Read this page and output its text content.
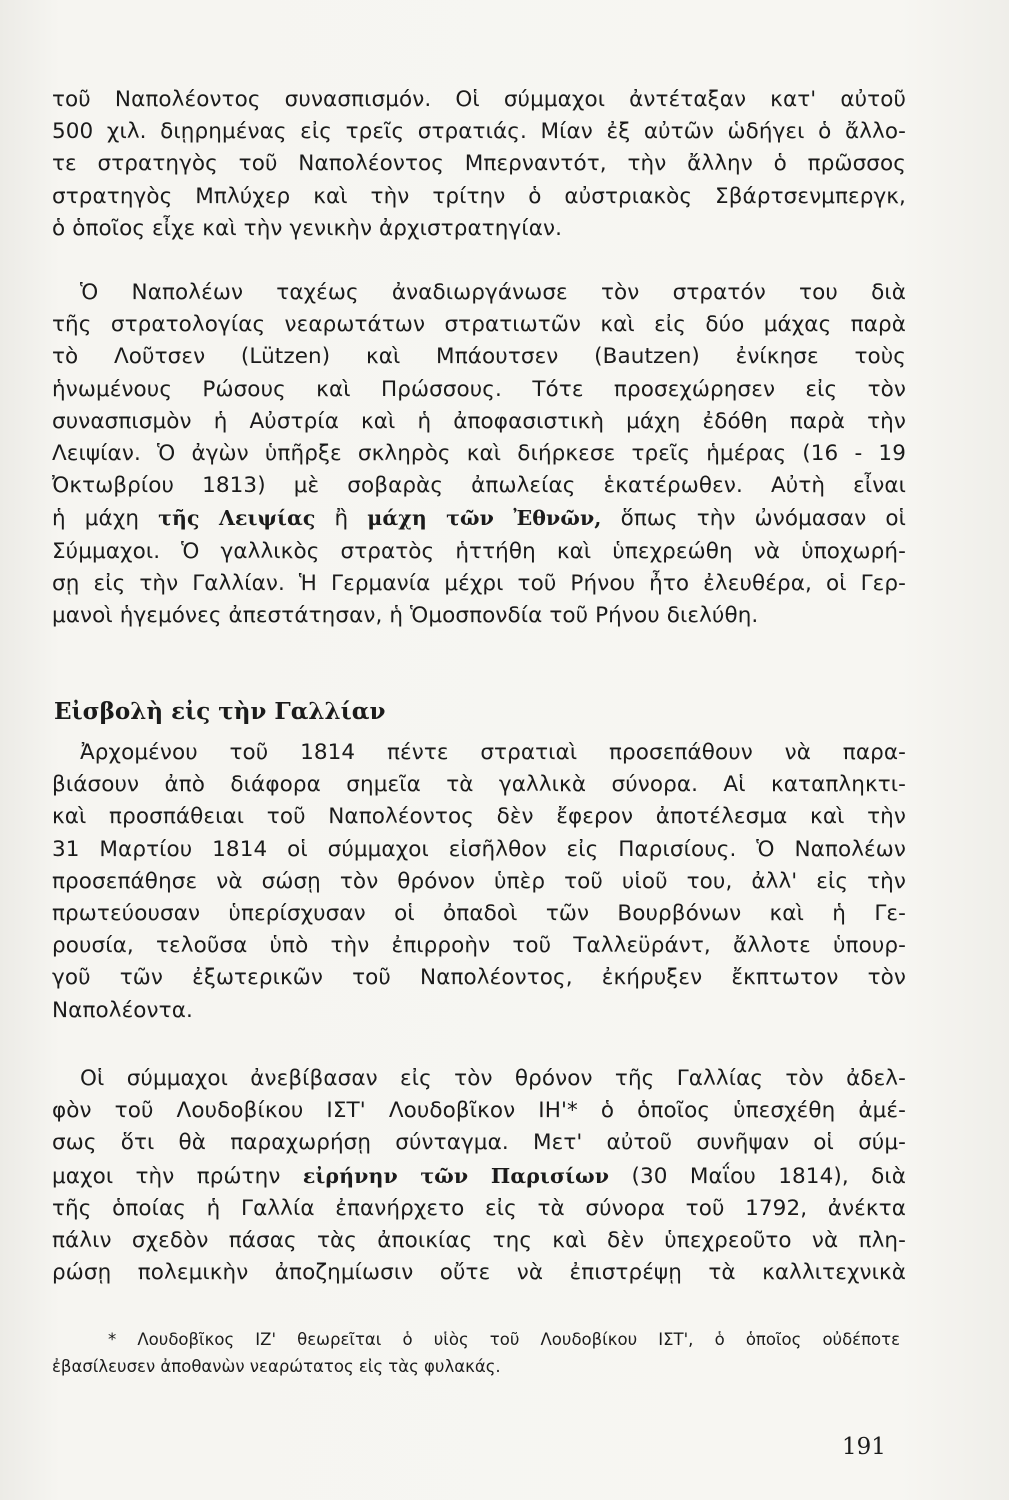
τοῦ Ναπολέοντος συνασπισμόν. Οἱ σύμμαχοι ἀντέταξαν κατ' αὐτοῦ
500 χιλ. διῃρημένας εἰς τρεῖς στρατιάς. Μίαν ἐξ αὐτῶν ὡδήγει ὁ ἄλλο-
τε στρατηγὸς τοῦ Ναπολέοντος Μπερναντότ, τὴν ἄλλην ὁ πρῶσσος
στρατηγὸς Μπλύχερ καὶ τὴν τρίτην ὁ αὐστριακὸς Σβάρτσενμπεργκ,
ὁ ὁποῖος εἶχε καὶ τὴν γενικὴν ἀρχιστρατηγίαν.
Ὁ Ναπολέων ταχέως ἀναδιωργάνωσε τὸν στρατόν του διὰ
τῆς στρατολογίας νεαρωτάτων στρατιωτῶν καὶ εἰς δύο μάχας παρὰ
τὸ Λοῦτσεν (Lützen) καὶ Μπάουτσεν (Bautzen) ἐνίκησε τοὺς
ἡνωμένους Ρώσους καὶ Πρώσσους. Τότε προσεχώρησεν εἰς τὸν
συνασπισμὸν ἡ Αὐστρία καὶ ἡ ἀποφασιστικὴ μάχη ἐδόθη παρὰ τὴν
Λειψίαν. Ὁ ἀγὼν ὑπῆρξε σκληρὸς καὶ διήρκεσε τρεῖς ἡμέρας (16 - 19
Ὀκτωβρίου 1813) μὲ σοβαρὰς ἀπωλείας ἑκατέρωθεν. Αὐτὴ εἶναι
ἡ μάχη τῆς Λειψίας ἢ μάχη τῶν Ἐθνῶν, ὅπως τὴν ὠνόμασαν οἱ
Σύμμαχοι. Ὁ γαλλικὸς στρατὸς ἡττήθη καὶ ὑπεχρεώθη νὰ ὑποχωρή-
σῃ εἰς τὴν Γαλλίαν. Ἡ Γερμανία μέχρι τοῦ Ρήνου ἦτο ἐλευθέρα, οἱ Γερ-
μανοὶ ἡγεμόνες ἀπεστάτησαν, ἡ Ὁμοσπονδία τοῦ Ρήνου διελύθη.
Εἰσβολὴ εἰς τὴν Γαλλίαν
Ἀρχομένου τοῦ 1814 πέντε στρατιαὶ προσεπάθουν νὰ παρα-
βιάσουν ἀπὸ διάφορα σημεῖα τὰ γαλλικὰ σύνορα. Αἱ καταπληκτι-
καὶ προσπάθειαι τοῦ Ναπολέοντος δὲν ἔφερον ἀποτέλεσμα καὶ τὴν
31 Μαρτίου 1814 οἱ σύμμαχοι εἰσῆλθον εἰς Παρισίους. Ὁ Ναπολέων
προσεπάθησε νὰ σώσῃ τὸν θρόνον ὑπὲρ τοῦ υἱοῦ του, ἀλλ' εἰς τὴν
πρωτεύουσαν ὑπερίσχυσαν οἱ ὀπαδοὶ τῶν Βουρβόνων καὶ ἡ Γε-
ρουσία, τελοῦσα ὑπὸ τὴν ἐπιρροὴν τοῦ Ταλλεϋράντ, ἄλλοτε ὑπουρ-
γοῦ τῶν ἐξωτερικῶν τοῦ Ναπολέοντος, ἐκήρυξεν ἔκπτωτον τὸν
Ναπολέοντα.
Οἱ σύμμαχοι ἀνεβίβασαν εἰς τὸν θρόνον τῆς Γαλλίας τὸν ἀδελ-
φὸν τοῦ Λουδοβίκου ΙΣΤ' Λουδοβῖκον ΙΗ'* ὁ ὁποῖος ὑπεσχέθη ἀμέ-
σως ὅτι θὰ παραχωρήσῃ σύνταγμα. Μετ' αὐτοῦ συνῆψαν οἱ σύμ-
μαχοι τὴν πρώτην εἰρήνην τῶν Παρισίων (30 Μαΐου 1814), διὰ
τῆς ὁποίας ἡ Γαλλία ἐπανήρχετο εἰς τὰ σύνορα τοῦ 1792, ἀνέκτα
πάλιν σχεδὸν πάσας τὰς ἀποικίας της καὶ δὲν ὑπεχρεοῦτο νὰ πλη-
ρώσῃ πολεμικὴν ἀποζημίωσιν οὔτε νὰ ἐπιστρέψῃ τὰ καλλιτεχνικὰ
* Λουδοβῖκος ΙΖ' θεωρεῖται ὁ υἱὸς τοῦ Λουδοβίκου ΙΣΤ', ὁ ὁποῖος οὐδέποτε
ἐβασίλευσεν ἀποθανὼν νεαρώτατος εἰς τὰς φυλακάς.
191
